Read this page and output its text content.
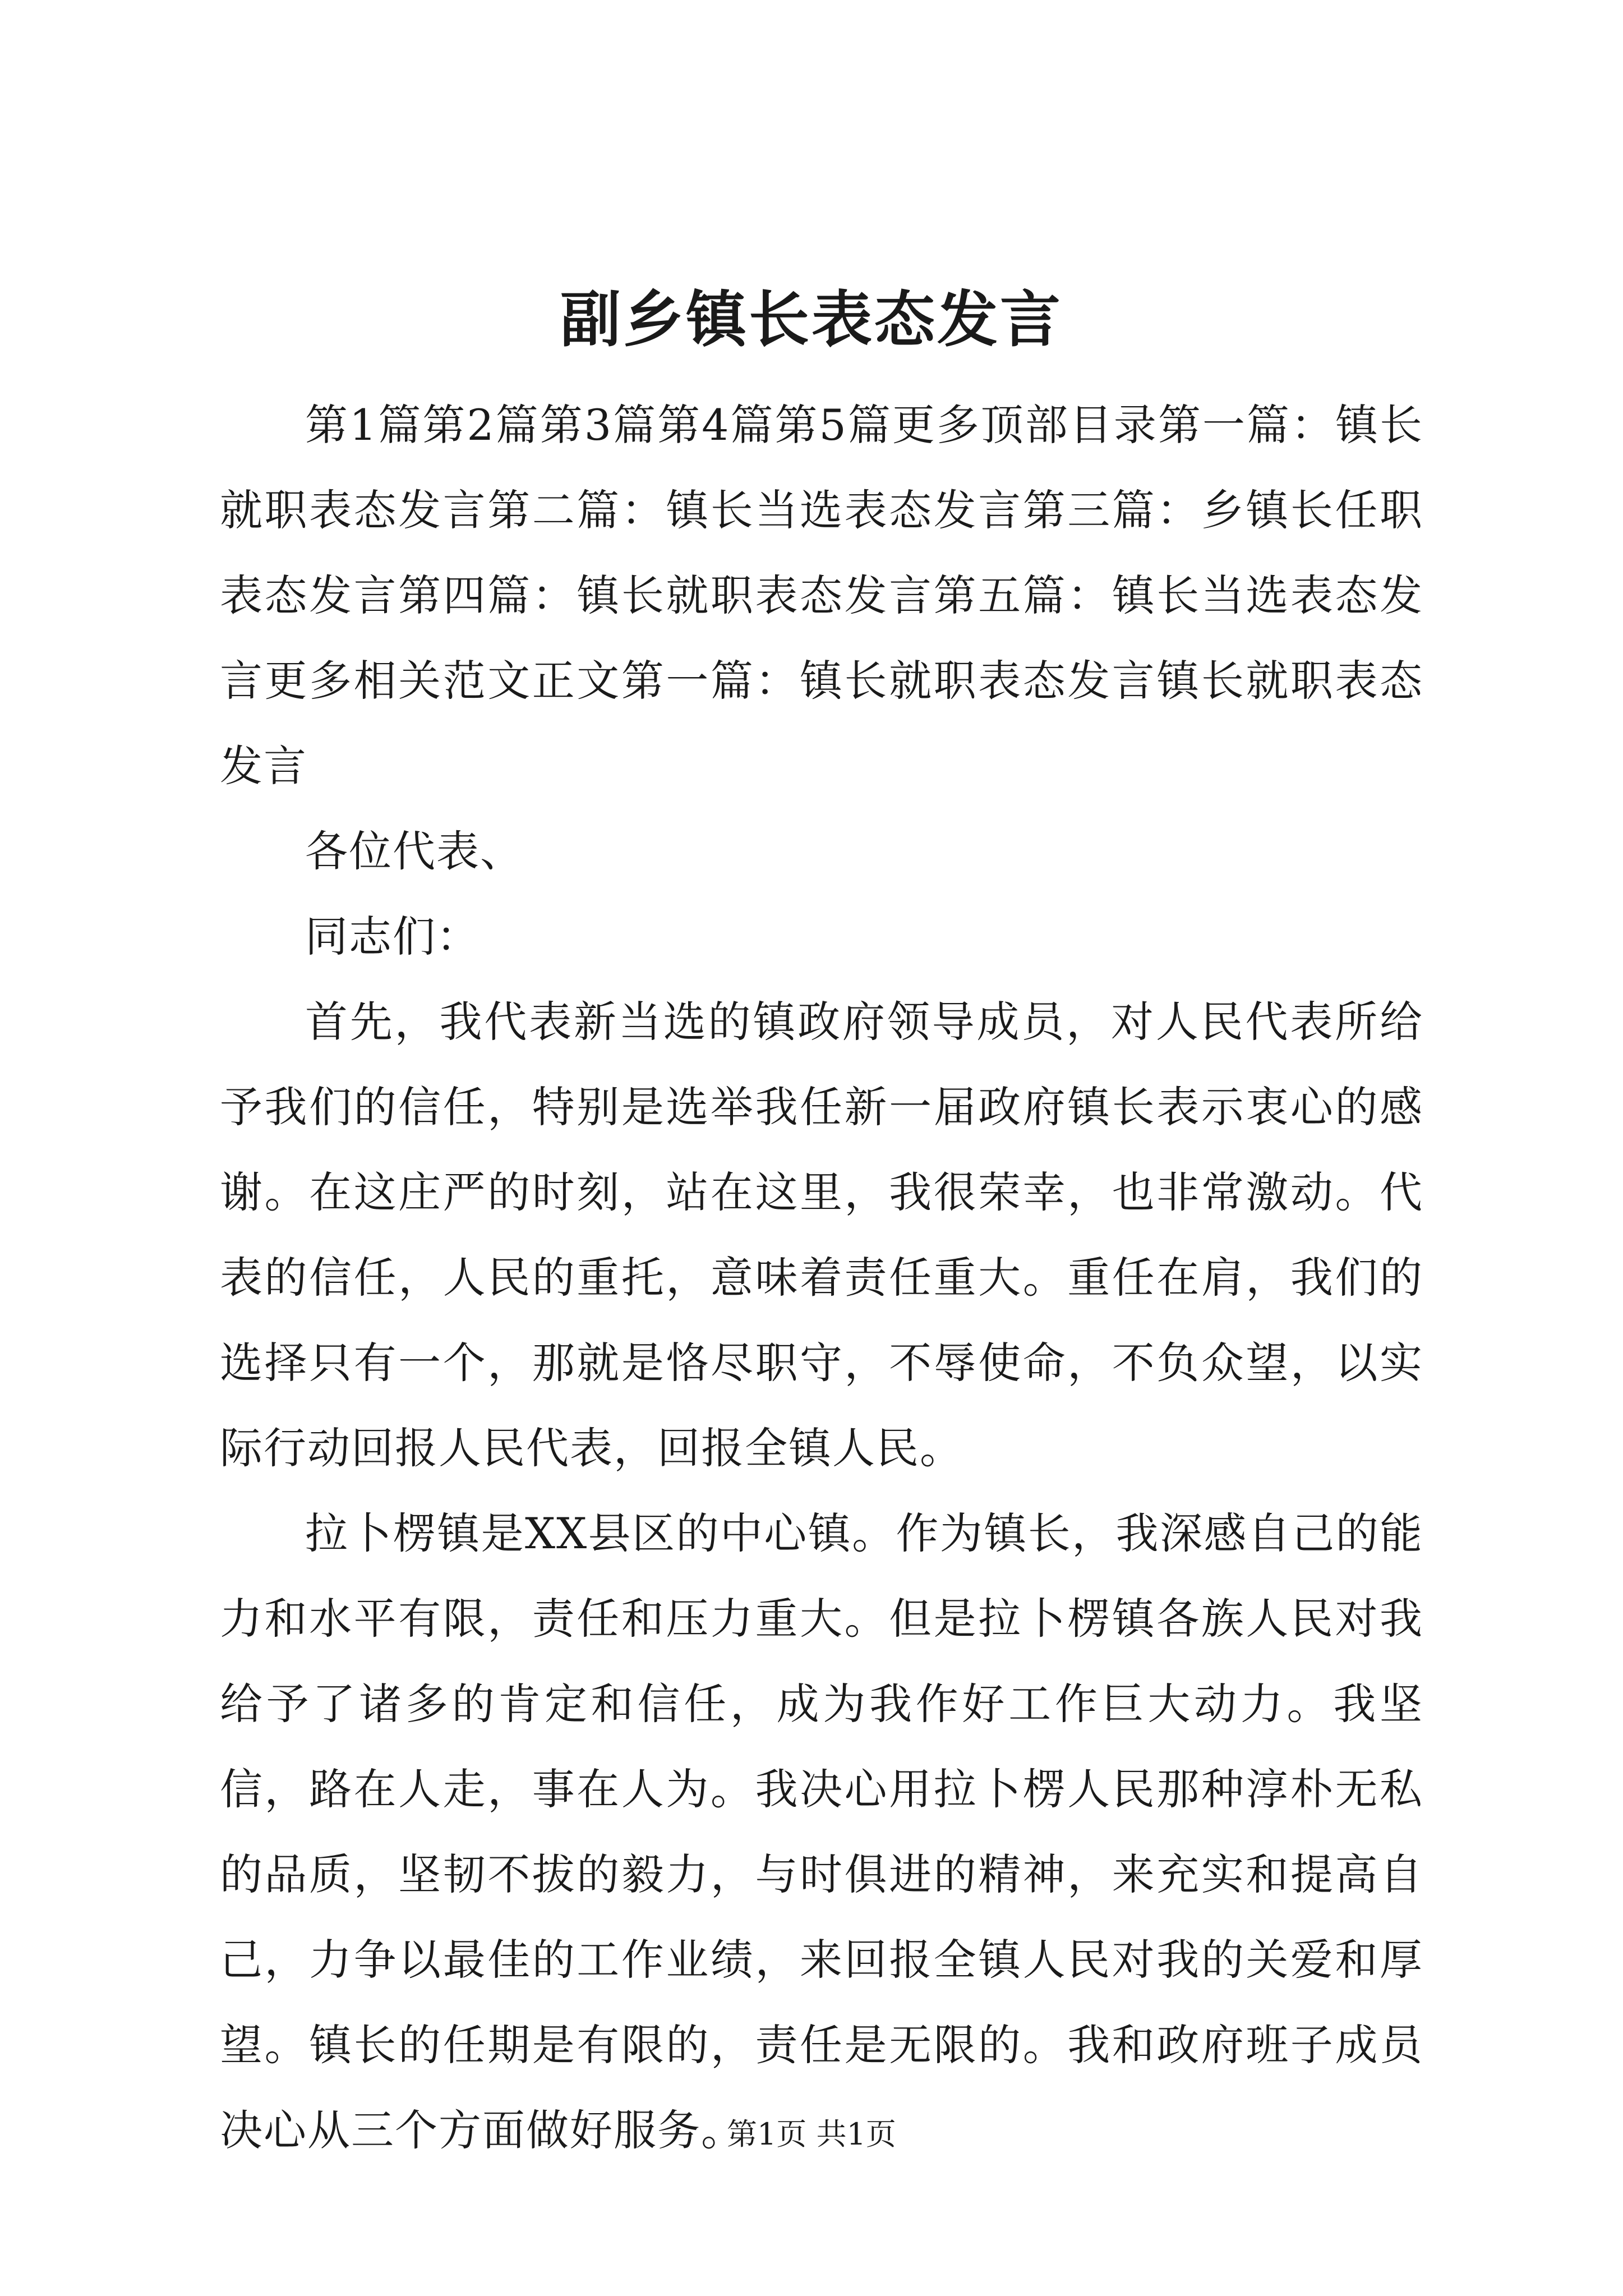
副乡镇长表态发言

第1篇第2篇第3篇第4篇第5篇更多顶部目录第一篇：镇长就职表态发言第二篇：镇长当选表态发言第三篇：乡镇长任职表态发言第四篇：镇长就职表态发言第五篇：镇长当选表态发言更多相关范文正文第一篇：镇长就职表态发言镇长就职表态发言

各位代表、

同志们：

首先，我代表新当选的镇政府领导成员，对人民代表所给予我们的信任，特别是选举我任新一届政府镇长表示衷心的感谢。在这庄严的时刻，站在这里，我很荣幸，也非常激动。代表的信任，人民的重托，意味着责任重大。重任在肩，我们的选择只有一个，那就是恪尽职守，不辱使命，不负众望，以实际行动回报人民代表，回报全镇人民。

拉卜楞镇是XX县区的中心镇。作为镇长，我深感自己的能力和水平有限，责任和压力重大。但是拉卜楞镇各族人民对我给予了诸多的肯定和信任，成为我作好工作巨大动力。我坚信，路在人走，事在人为。我决心用拉卜楞人民那种淳朴无私的品质，坚韧不拔的毅力，与时俱进的精神，来充实和提高自己，力争以最佳的工作业绩，来回报全镇人民对我的关爱和厚望。镇长的任期是有限的，责任是无限的。我和政府班子成员决心从三个方面做好服务。

第1页 共1页
